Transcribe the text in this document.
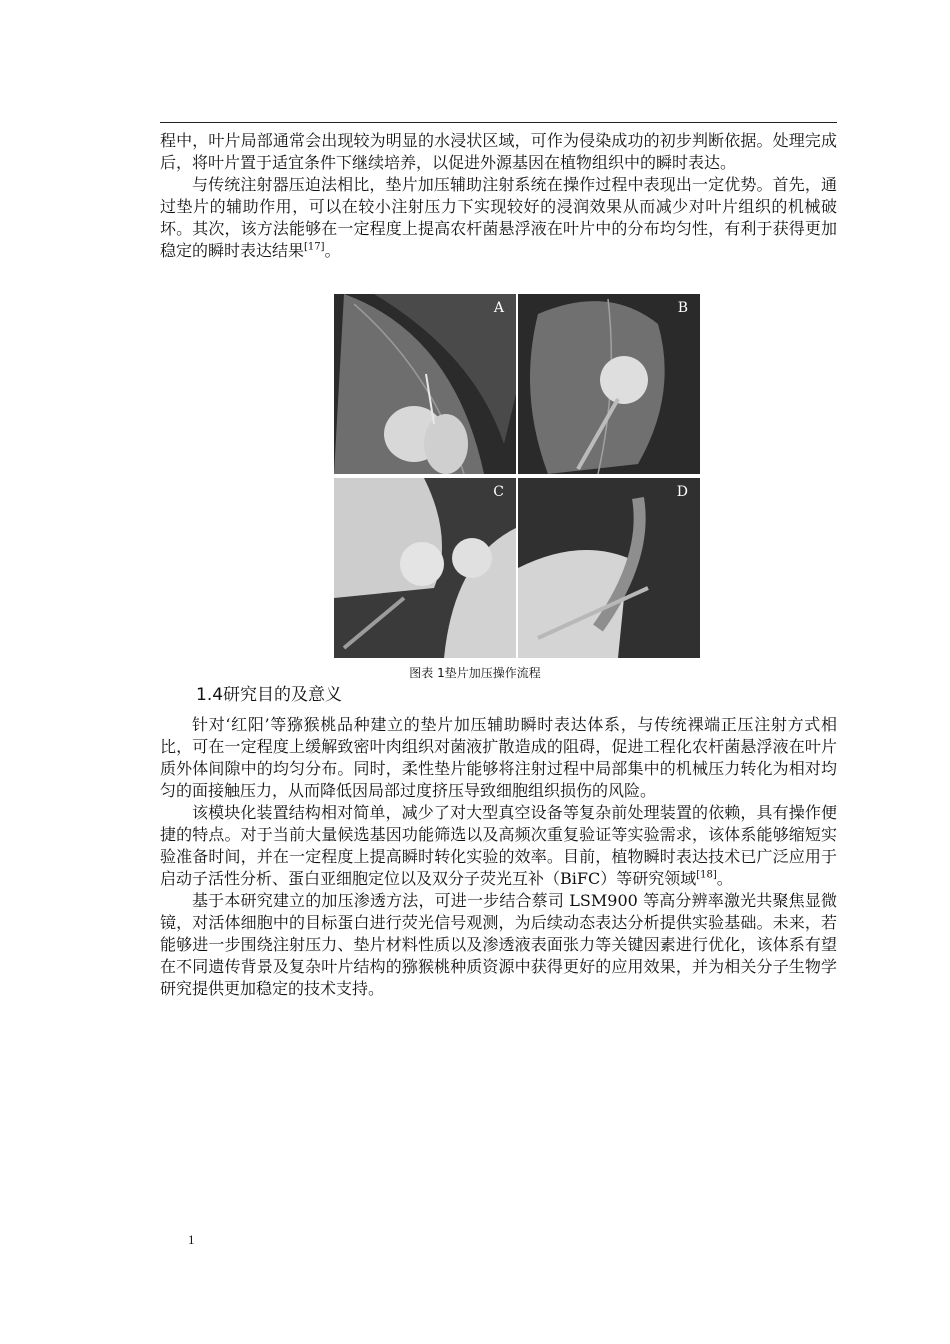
程中，叶片局部通常会出现较为明显的水浸状区域，可作为侵染成功的初步判断依据。处理完成后，将叶片置于适宜条件下继续培养，以促进外源基因在植物组织中的瞬时表达。

与传统注射器压迫法相比，垫片加压辅助注射系统在操作过程中表现出一定优势。首先，通过垫片的辅助作用，可以在较小注射压力下实现较好的浸润效果从而减少对叶片组织的机械破坏。其次，该方法能够在一定程度上提高农杆菌悬浮液在叶片中的分布均匀性，有利于获得更加稳定的瞬时表达结果[17]。

A	B
C	D
图表 1垫片加压操作流程
1.4研究目的及意义

针对‘红阳’等猕猴桃品种建立的垫片加压辅助瞬时表达体系，与传统裸端正压注射方式相比，可在一定程度上缓解致密叶肉组织对菌液扩散造成的阻碍，促进工程化农杆菌悬浮液在叶片质外体间隙中的均匀分布。同时，柔性垫片能够将注射过程中局部集中的机械压力转化为相对均匀的面接触压力，从而降低因局部过度挤压导致细胞组织损伤的风险。

该模块化装置结构相对简单，减少了对大型真空设备等复杂前处理装置的依赖，具有操作便捷的特点。对于当前大量候选基因功能筛选以及高频次重复验证等实验需求，该体系能够缩短实验准备时间，并在一定程度上提高瞬时转化实验的效率。目前，植物瞬时表达技术已广泛应用于启动子活性分析、蛋白亚细胞定位以及双分子荧光互补（BiFC）等研究领域[18]。

基于本研究建立的加压渗透方法，可进一步结合蔡司 LSM900 等高分辨率激光共聚焦显微镜，对活体细胞中的目标蛋白进行荧光信号观测，为后续动态表达分析提供实验基础。未来，若能够进一步围绕注射压力、垫片材料性质以及渗透液表面张力等关键因素进行优化，该体系有望在不同遗传背景及复杂叶片结构的猕猴桃种质资源中获得更好的应用效果，并为相关分子生物学研究提供更加稳定的技术支持。

1
